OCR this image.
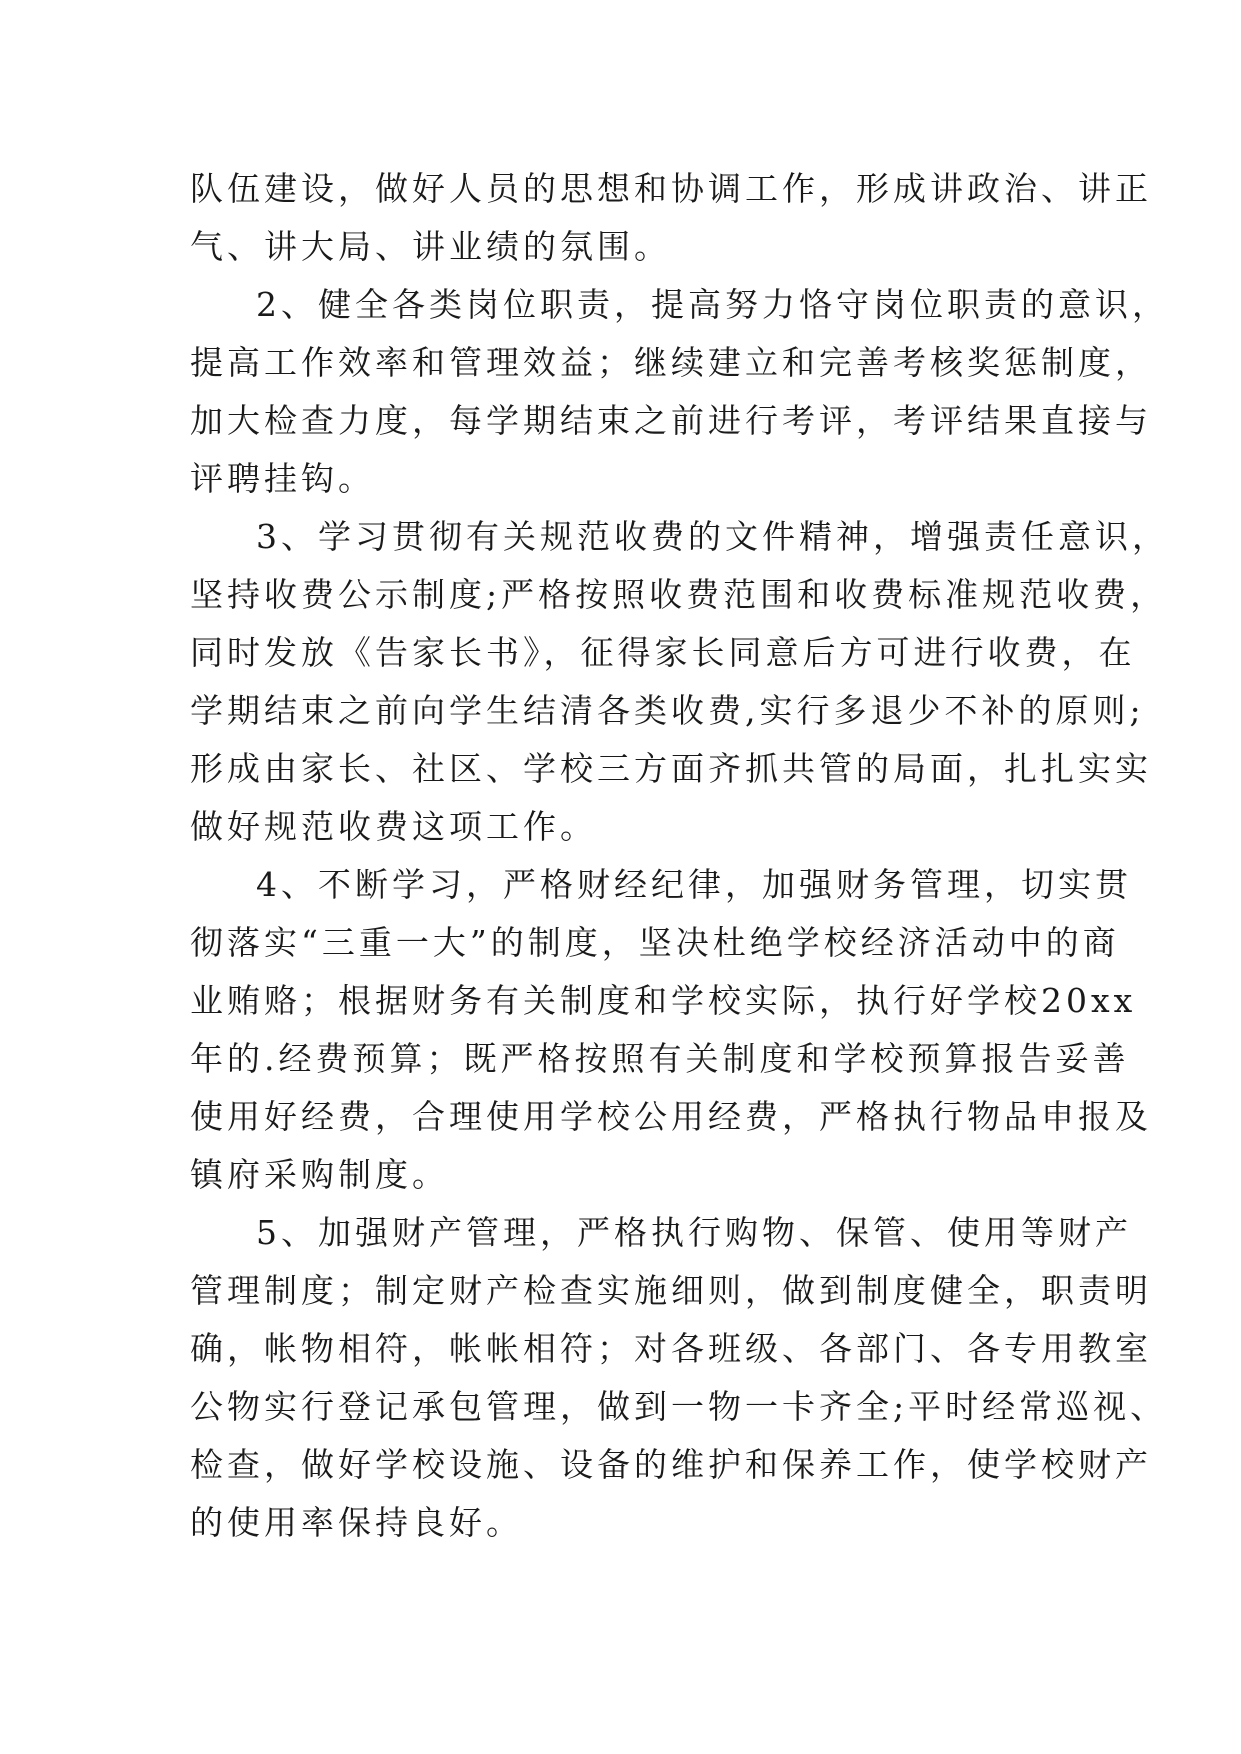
队伍建设，做好人员的思想和协调工作，形成讲政治、讲正
气、讲大局、讲业绩的氛围。

2、健全各类岗位职责，提高努力恪守岗位职责的意识，

提高工作效率和管理效益；继续建立和完善考核奖惩制度，
加大检查力度，每学期结束之前进行考评，考评结果直接与
评聘挂钩。

3、学习贯彻有关规范收费的文件精神，增强责任意识，

坚持收费公示制度;严格按照收费范围和收费标准规范收费，
同时发放《告家长书》，征得家长同意后方可进行收费，在
学期结束之前向学生结清各类收费,实行多退少不补的原则;
形成由家长、社区、学校三方面齐抓共管的局面，扎扎实实
做好规范收费这项工作。

4、不断学习，严格财经纪律，加强财务管理，切实贯

彻落实“三重一大”的制度，坚决杜绝学校经济活动中的商
业贿赂；根据财务有关制度和学校实际，执行好学校20xx
年的.经费预算；既严格按照有关制度和学校预算报告妥善
使用好经费，合理使用学校公用经费，严格执行物品申报及
镇府采购制度。

5、加强财产管理，严格执行购物、保管、使用等财产

管理制度；制定财产检查实施细则，做到制度健全，职责明
确，帐物相符，帐帐相符；对各班级、各部门、各专用教室
公物实行登记承包管理，做到一物一卡齐全;平时经常巡视、
检查，做好学校设施、设备的维护和保养工作，使学校财产
的使用率保持良好。
